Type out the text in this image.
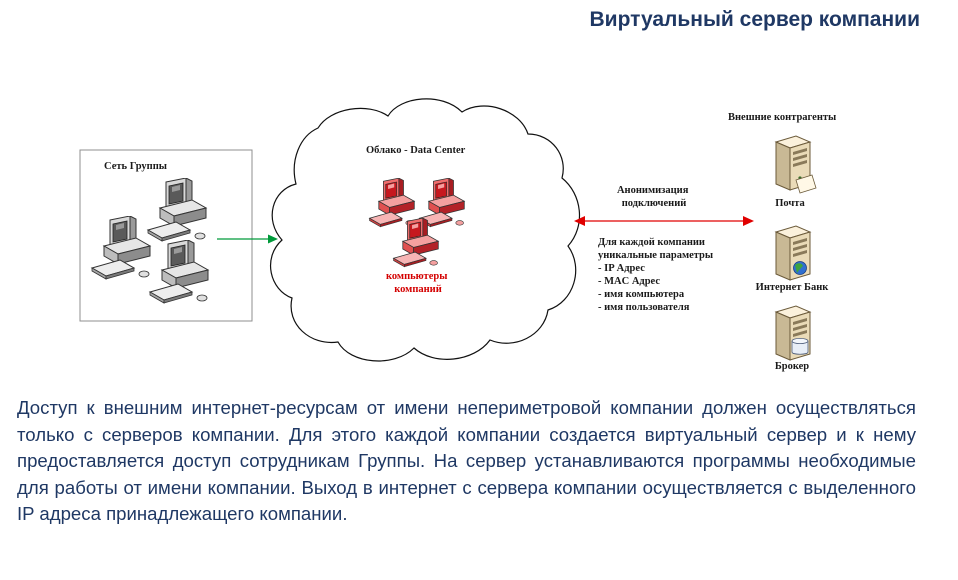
Виртуальный сервер компании
Сеть Группы
Облако - Data Center
компьютеры компаний
Анонимизация подключений
Для каждой компании уникальные параметры - IP Адрес - MAC Адрес - имя компьютера - имя пользователя
Внешние контрагенты
Почта
Интернет Банк
Брокер

Доступ к внешним интернет-ресурсам от имени непериметровой компании должен осуществляться только с серверов компании. Для этого каждой компании создается виртуальный сервер и к нему предоставляется доступ сотрудникам Группы. На сервер устанавливаются программы необходимые для работы от имени компании. Выход в интернет с сервера компании осуществляется с выделенного IP адреса принадлежащего компании.
